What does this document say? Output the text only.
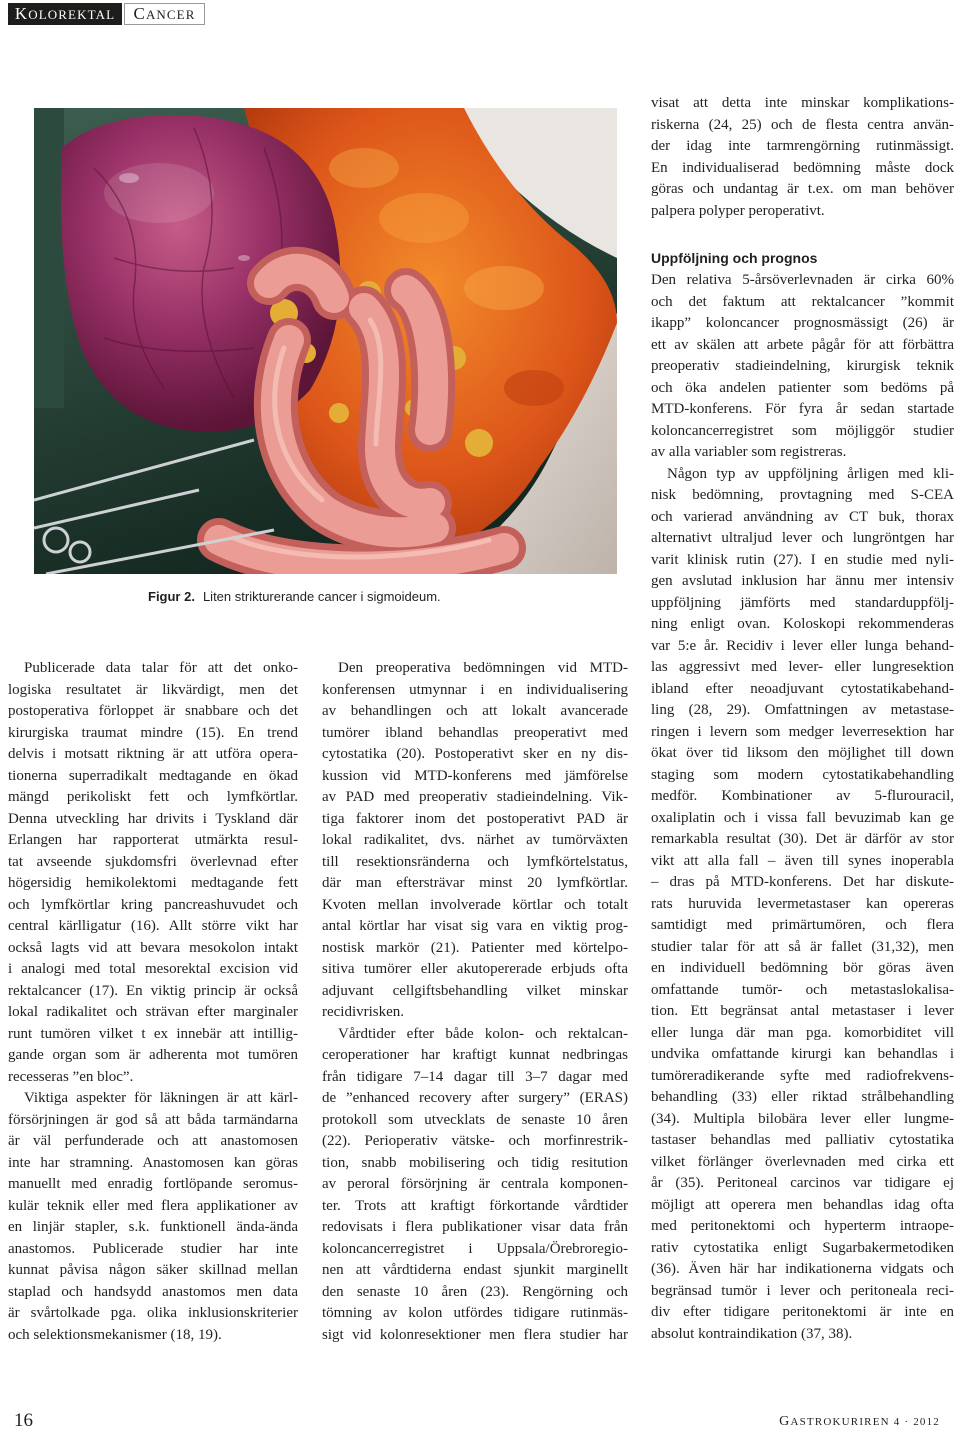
KOLOREKTAL	CANCER
Figur 2. Liten strikturerande cancer i sigmoideum.
visat att detta inte minskar komplikations-
riskerna (24, 25) och de flesta centra använ-
der idag inte tarmrengörning rutinmässigt.
En individualiserad bedömning måste dock
göras och undantag är t.ex. om man behöver
palpera polyper peroperativt.
Uppföljning och prognos
Den relativa 5-årsöverlevnaden är cirka 60%
och det faktum att rektalcancer ”kommit
ikapp” koloncancer prognosmässigt (26) är
ett av skälen att arbete pågår för att förbättra
preoperativ stadieindelning, kirurgisk teknik
och öka andelen patienter som bedöms på
MTD-konferens. För fyra år sedan startade
koloncancerregistret som möjliggör studier
av alla variabler som registreras.
Någon typ av uppföljning årligen med kli-
nisk bedömning, provtagning med S-CEA
och varierad användning av CT buk, thorax
alternativt ultraljud lever och lungröntgen har
varit klinisk rutin (27). I en studie med nyli-
gen avslutad inklusion har ännu mer intensiv
uppföljning jämförts med standarduppfölj-
ning enligt ovan. Koloskopi rekommenderas
var 5:e år. Recidiv i lever eller lunga behand-
las aggressivt med lever- eller lungresektion
ibland efter neoadjuvant cytostatikabehand-
ling (28, 29). Omfattningen av metastase-
ringen i levern som medger leverresektion har
ökat över tid liksom den möjlighet till down
staging som modern cytostatikabehandling
medför. Kombinationer av 5-flurouracil,
oxaliplatin och i vissa fall bevuzimab kan ge
remarkabla resultat (30). Det är därför av stor
vikt att alla fall – även till synes inoperabla
– dras på MTD-konferens. Det har diskute-
rats huruvida levermetastaser kan opereras
samtidigt med primärtumören, och flera
studier talar för att så är fallet (31,32), men
en individuell bedömning bör göras även
omfattande tumör- och metastaslokalisa-
tion. Ett begränsat antal metastaser i lever
eller lunga där man pga. komorbiditet vill
undvika omfattande kirurgi kan behandlas i
tumöreradikerande syfte med radiofrekvens-
behandling (33) eller riktad strålbehandling
(34). Multipla bilobära lever eller lungme-
tastaser behandlas med palliativ cytostatika
vilket förlänger överlevnaden med cirka ett
år (35). Peritoneal carcinos var tidigare ej
möjligt att operera men behandlas idag ofta
med peritonektomi och hyperterm intraope-
rativ cytostatika enligt Sugarbakermetodiken
(36). Även här har indikationerna vidgats och
begränsad tumör i lever och peritoneala reci-
div efter tidigare peritonektomi är inte en
absolut kontraindikation (37, 38).
Publicerade data talar för att det onko-
logiska resultatet är likvärdigt, men det
postoperativa förloppet är snabbare och det
kirurgiska traumat mindre (15). En trend
delvis i motsatt riktning är att utföra opera-
tionerna superradikalt medtagande en ökad
mängd perikoliskt fett och lymfkörtlar.
Denna utveckling har drivits i Tyskland där
Erlangen har rapporterat utmärkta resul-
tat avseende sjukdomsfri överlevnad efter
högersidig hemikolektomi medtagande fett
och lymfkörtlar kring pancreashuvudet och
central kärlligatur (16). Allt större vikt har
också lagts vid att bevara mesokolon intakt
i analogi med total mesorektal excision vid
rektalcancer (17). En viktig princip är också
lokal radikalitet och strävan efter marginaler
runt tumören vilket t ex innebär att intillig-
gande organ som är adherenta mot tumören
recesseras ”en bloc”.
Viktiga aspekter för läkningen är att kärl-
försörjningen är god så att båda tarmändarna
är väl perfunderade och att anastomosen
inte har stramning. Anastomosen kan göras
manuellt med enradig fortlöpande seromus-
kulär teknik eller med flera applikationer av
en linjär stapler, s.k. funktionell ända-ända
anastomos. Publicerade studier har inte
kunnat påvisa någon säker skillnad mellan
staplad och handsydd anastomos men data
är svårtolkade pga. olika inklusionskriterier
och selektionsmekanismer (18, 19).
Den preoperativa bedömningen vid MTD-
konferensen utmynnar i en individualisering
av behandlingen och att lokalt avancerade
tumörer ibland behandlas preoperativt med
cytostatika (20). Postoperativt sker en ny dis-
kussion vid MTD-konferens med jämförelse
av PAD med preoperativ stadieindelning. Vik-
tiga faktorer inom det postoperativt PAD är
lokal radikalitet, dvs. närhet av tumörväxten
till resektionsränderna och lymfkörtelstatus,
där man eftersträvar minst 20 lymfkörtlar.
Kvoten mellan involverade körtlar och totalt
antal körtlar har visat sig vara en viktig prog-
nostisk markör (21). Patienter med körtelpo-
sitiva tumörer eller akutopererade erbjuds ofta
adjuvant cellgiftsbehandling vilket minskar
recidivrisken.
Vårdtider efter både kolon- och rektalcan-
ceroperationer har kraftigt kunnat nedbringas
från tidigare 7–14 dagar till 3–7 dagar med
de ”enhanced recovery after surgery” (ERAS)
protokoll som utvecklats de senaste 10 åren
(22). Perioperativ vätske- och morfinrestrik-
tion, snabb mobilisering och tidig resitution
av peroral försörjning är centrala komponen-
ter. Trots att kraftigt förkortande vårdtider
redovisats i flera publikationer visar data från
koloncancerregistret i Uppsala/Örebroregio-
nen att vårdtiderna endast sjunkit marginellt
den senaste 10 åren (23). Rengörning och
tömning av kolon utfördes tidigare rutinmäs-
sigt vid kolonresektioner men flera studier har
16	GASTROKURIREN 4 · 2012
